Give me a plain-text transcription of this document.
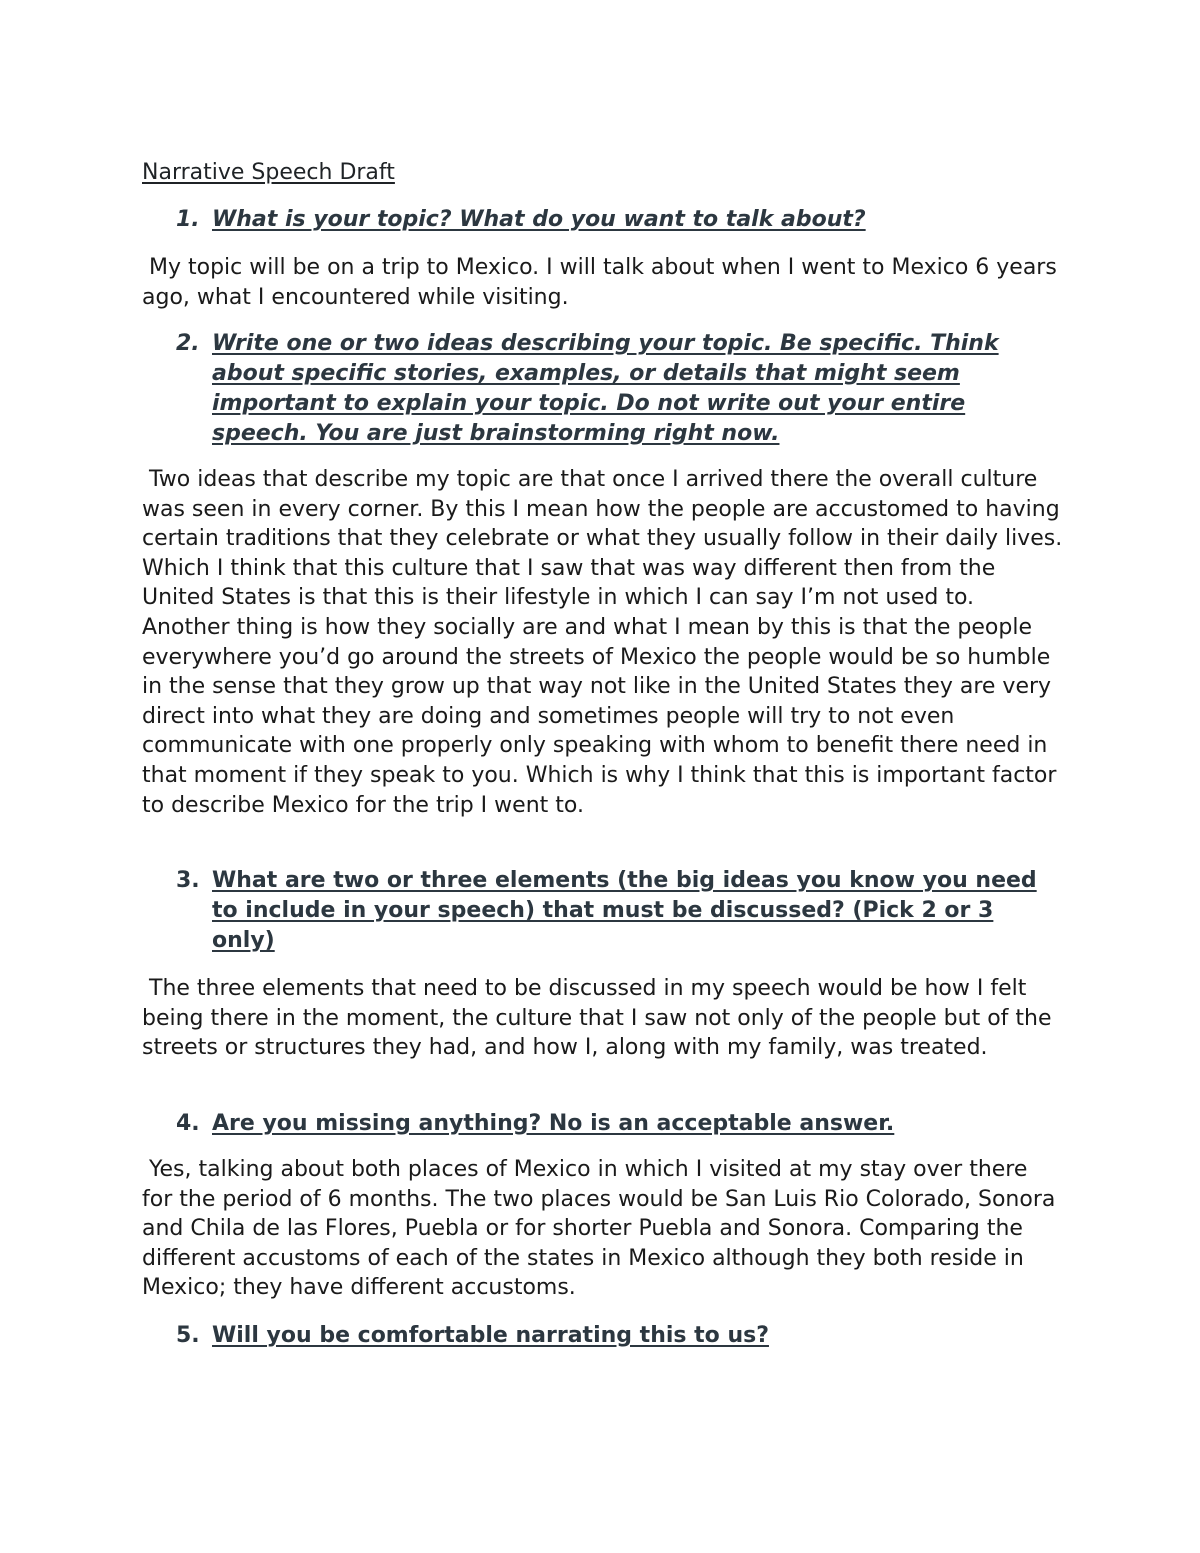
Narrative Speech Draft
1. What is your topic? What do you want to talk about?

My topic will be on a trip to Mexico. I will talk about when I went to Mexico 6 years ago, what I encountered while visiting.

2. Write one or two ideas describing your topic. Be specific. Think about specific stories, examples, or details that might seem important to explain your topic. Do not write out your entire speech. You are just brainstorming right now.

Two ideas that describe my topic are that once I arrived there the overall culture was seen in every corner. By this I mean how the people are accustomed to having certain traditions that they celebrate or what they usually follow in their daily lives. Which I think that this culture that I saw that was way different then from the United States is that this is their lifestyle in which I can say I’m not used to. Another thing is how they socially are and what I mean by this is that the people everywhere you’d go around the streets of Mexico the people would be so humble in the sense that they grow up that way not like in the United States they are very direct into what they are doing and sometimes people will try to not even communicate with one properly only speaking with whom to benefit there need in that moment if they speak to you. Which is why I think that this is important factor to describe Mexico for the trip I went to.

3. What are two or three elements (the big ideas you know you need to include in your speech) that must be discussed? (Pick 2 or 3 only)

The three elements that need to be discussed in my speech would be how I felt being there in the moment, the culture that I saw not only of the people but of the streets or structures they had, and how I, along with my family, was treated.

4. Are you missing anything? No is an acceptable answer.

Yes, talking about both places of Mexico in which I visited at my stay over there for the period of 6 months. The two places would be San Luis Rio Colorado, Sonora and Chila de las Flores, Puebla or for shorter Puebla and Sonora. Comparing the different accustoms of each of the states in Mexico although they both reside in Mexico; they have different accustoms.

5. Will you be comfortable narrating this to us?
